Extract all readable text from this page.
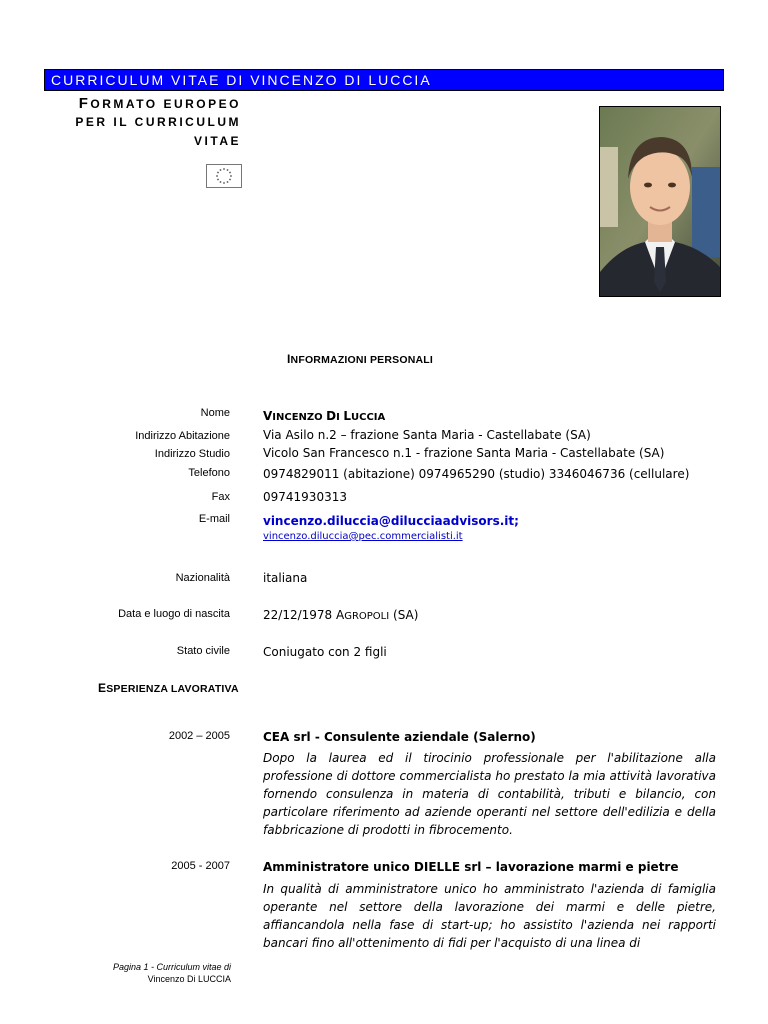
CURRICULUM VITAE DI VINCENZO DI LUCCIA
FORMATO EUROPEO
PER IL CURRICULUM
VITAE
INFORMAZIONI PERSONALI
Nome	VINCENZO DI LUCCIA
Indirizzo Abitazione	Via Asilo n.2 – frazione Santa Maria - Castellabate (SA)
Indirizzo Studio	Vicolo San Francesco n.1 - frazione Santa Maria - Castellabate (SA)
Telefono	0974829011 (abitazione) 0974965290 (studio) 3346046736 (cellulare)
Fax	09741930313
E-mail	vincenzo.diluccia@dilucciaadvisors.it;
vincenzo.diluccia@pec.commercialisti.it
Nazionalità	italiana
Data e luogo di nascita	22/12/1978 AGROPOLI (SA)
Stato civile	Coniugato con 2 figli
ESPERIENZA LAVORATIVA
2002 – 2005	CEA srl - Consulente aziendale (Salerno)
Dopo la laurea ed il tirocinio professionale per l'abilitazione alla professione di dottore commercialista ho prestato la mia attività lavorativa fornendo consulenza in materia di contabilità, tributi e bilancio, con particolare riferimento ad aziende operanti nel settore dell'edilizia e della fabbricazione di prodotti in fibrocemento.
2005 - 2007	Amministratore unico DIELLE srl – lavorazione marmi e pietre
In qualità di amministratore unico ho amministrato l'azienda di famiglia operante nel settore della lavorazione dei marmi e delle pietre, affiancandola nella fase di start-up; ho assistito l'azienda nei rapporti bancari fino all'ottenimento di fidi per l'acquisto di una linea di
Pagina 1 - Curriculum vitae di
Vincenzo Di LUCCIA
